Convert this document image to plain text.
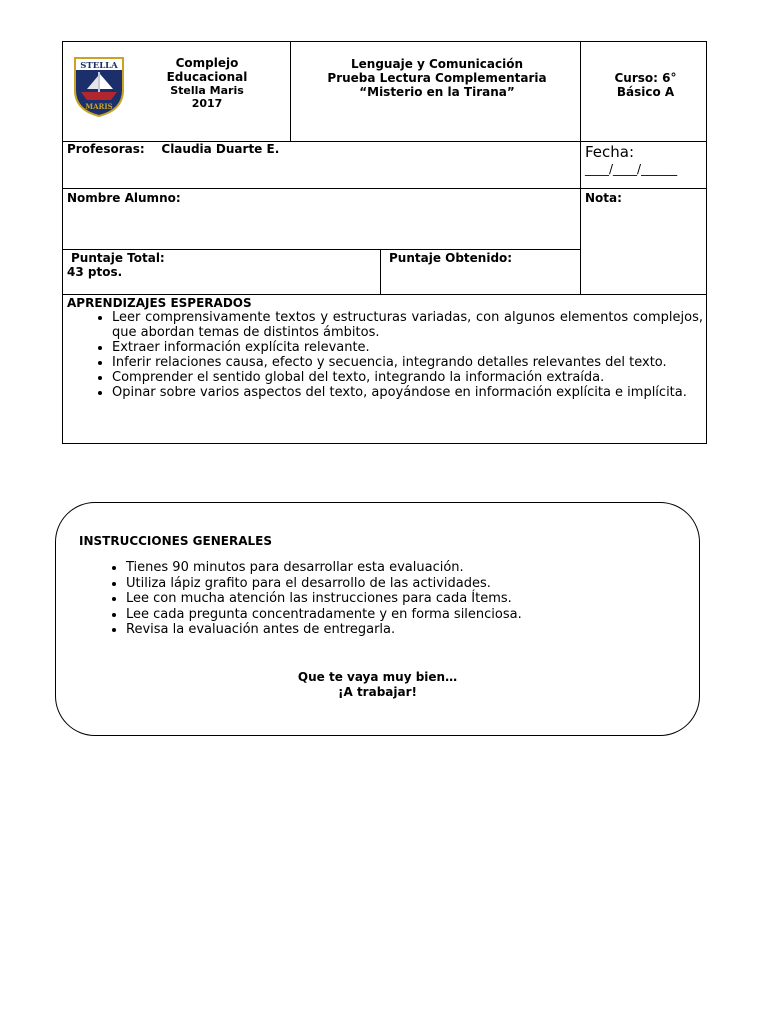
STELLA
MARIS
Complejo
Educacional
Stella Maris
2017
Lenguaje y Comunicación
Prueba Lectura Complementaria
“Misterio en la Tirana”
Curso: 6°
Básico A
Profesoras: Claudia Duarte E.	Fecha:
____/____/______
Nombre Alumno:	Nota:
Puntaje Total:
43 ptos.
Puntaje Obtenido:
APRENDIZAJES ESPERADOS
• Leer comprensivamente textos y estructuras variadas, con algunos elementos complejos, que abordan temas de distintos ámbitos.
• Extraer información explícita relevante.
• Inferir relaciones causa, efecto y secuencia, integrando detalles relevantes del texto.
• Comprender el sentido global del texto, integrando la información extraída.
• Opinar sobre varios aspectos del texto, apoyándose en información explícita e implícita.
INSTRUCCIONES GENERALES
• Tienes 90 minutos para desarrollar esta evaluación.
• Utiliza lápiz grafito para el desarrollo de las actividades.
• Lee con mucha atención las instrucciones para cada Ítems.
• Lee cada pregunta concentradamente y en forma silenciosa.
• Revisa la evaluación antes de entregarla.
Que te vaya muy bien…
¡A trabajar!
